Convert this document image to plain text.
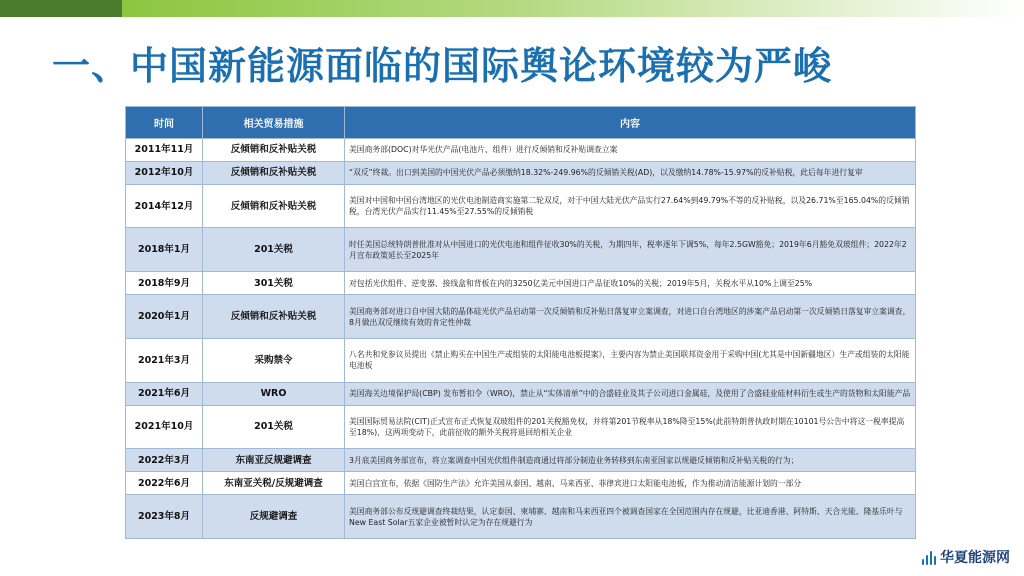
一、中国新能源面临的国际舆论环境较为严峻
时间	相关贸易措施	内容
2011年11月	反倾销和反补贴关税	美国商务部(DOC)对华光伏产品(电池片、组件）进行反倾销和反补贴调查立案
2012年10月	反倾销和反补贴关税	“双反”终裁。出口到美国的中国光伏产品必须缴纳18.32%-249.96%的反倾销关税(AD)，以及缴纳14.78%-15.97%的反补贴税，此后每年进行复审
2014年12月	反倾销和反补贴关税	美国对中国和中国台湾地区的光伏电池制造商实施第二轮双反，对于中国大陆光伏产品实行27.64%到49.79%不等的反补贴税，以及26.71%至165.04%的反倾销税，台湾光伏产品实行11.45%至27.55%的反倾销税
2018年1月	201关税	时任美国总统特朗普批准对从中国进口的光伏电池和组件征收30%的关税，为期四年，税率逐年下调5%，每年2.5GW豁免；2019年6月豁免双玻组件；2022年2月宣布政策延长至2025年
2018年9月	301关税	对包括光伏组件、逆变器、接线盒和背板在内的3250亿美元中国进口产品征收10%的关税；2019年5月，关税水平从10%上调至25%
2020年1月	反倾销和反补贴关税	美国商务部对进口自中国大陆的晶体硅光伏产品启动第一次反倾销和反补贴日落复审立案调查，对进口自台湾地区的涉案产品启动第一次反倾销日落复审立案调查，8月做出双反继续有效的肯定性仲裁
2021年3月	采购禁令	八名共和党参议员提出《禁止购买在中国生产或组装的太阳能电池板提案》，主要内容为禁止美国联邦资金用于采购中国(尤其是中国新疆地区）生产或组装的太阳能电池板
2021年6月	WRO	美国海关边境保护局(CBP) 发布暂扣令（WRO)，禁止从“实体清单”中的合盛硅业及其子公司进口金属硅，及使用了合盛硅业硅材料衍生或生产的货物和太阳能产品
2021年10月	201关税	美国国际贸易法院(CIT)正式宣布正式恢复双玻组件的201关税豁免权，并将第201节税率从18%降至15%(此前特朗普执政时期在10101号公告中将这一税率提高至18%)，这两项变动下，此前征收的额外关税将退回给相关企业
2022年3月	东南亚反规避调查	3月底美国商务部宣布，将立案调查中国光伏组件制造商通过将部分制造业务转移到东南亚国家以规避反倾销和反补贴关税的行为；
2022年6月	东南亚关税/反规避调查	美国白宫宣布，依据《国防生产法》允许美国从泰国、越南、马来西亚、菲律宾进口太阳能电池板，作为推动清洁能源计划的一部分
2023年8月	反规避调查	美国商务部公布反规避调查终裁结果，认定泰国、柬埔寨、越南和马来西亚四个被调查国家在全国范围内存在规避，比亚迪香港、阿特斯、天合光能、隆基乐叶与New East Solar五家企业被暂时认定为存在规避行为
华夏能源网
